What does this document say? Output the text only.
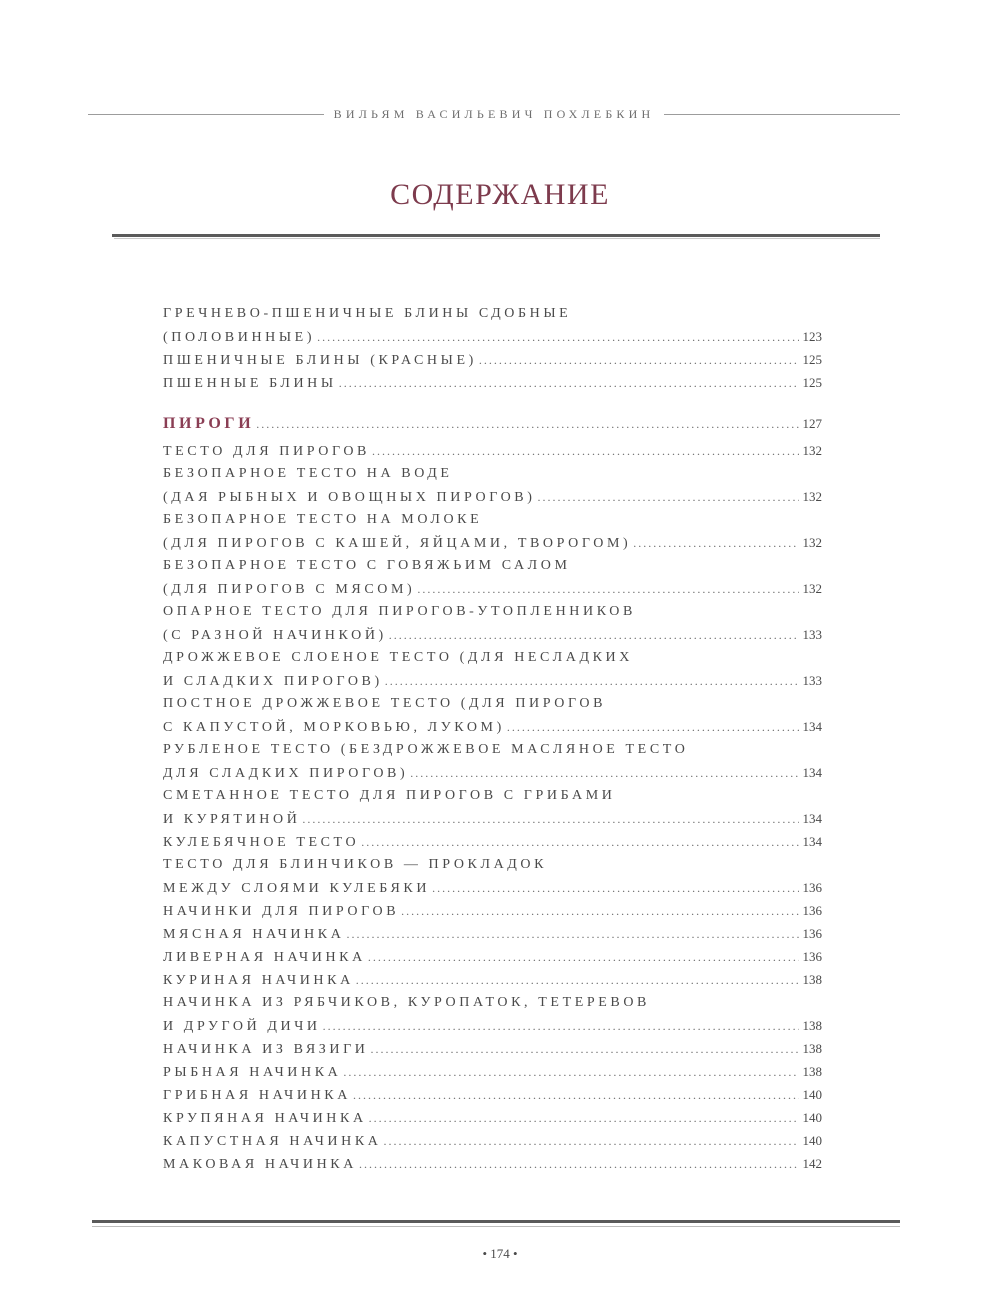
ВИЛЬЯМ ВАСИЛЬЕВИЧ ПОХЛЕБКИН
СОДЕРЖАНИЕ
ГРЕЧНЕВО-ПШЕНИЧНЫЕ БЛИНЫ СДОБНЫЕ
(ПОЛОВИННЫЕ) .....	123
ПШЕНИЧНЫЕ БЛИНЫ (КРАСНЫЕ) .....	125
ПШЕННЫЕ БЛИНЫ .....	125
ПИРОГИ .....	127
ТЕСТО ДЛЯ ПИРОГОВ .....	132
БЕЗОПАРНОЕ ТЕСТО НА ВОДЕ
(ДАЯ РЫБНЫХ И ОВОЩНЫХ ПИРОГОВ) .....	132
БЕЗОПАРНОЕ ТЕСТО НА МОЛОКЕ
(ДЛЯ ПИРОГОВ С КАШЕЙ, ЯЙЦАМИ, ТВОРОГОМ) .....	132
БЕЗОПАРНОЕ ТЕСТО С ГОВЯЖЬИМ САЛОМ
(ДЛЯ ПИРОГОВ С МЯСОМ) .....	132
ОПАРНОЕ ТЕСТО ДЛЯ ПИРОГОВ-УТОПЛЕННИКОВ
(С РАЗНОЙ НАЧИНКОЙ) .....	133
ДРОЖЖЕВОЕ СЛОЕНОЕ ТЕСТО (ДЛЯ НЕСЛАДКИХ
И СЛАДКИХ ПИРОГОВ) .....	133
ПОСТНОЕ ДРОЖЖЕВОЕ ТЕСТО (ДЛЯ ПИРОГОВ
С КАПУСТОЙ, МОРКОВЬЮ, ЛУКОМ) .....	134
РУБЛЕНОЕ ТЕСТО (БЕЗДРОЖЖЕВОЕ МАСЛЯНОЕ ТЕСТО
ДЛЯ СЛАДКИХ ПИРОГОВ) .....	134
СМЕТАННОЕ ТЕСТО ДЛЯ ПИРОГОВ С ГРИБАМИ
И КУРЯТИНОЙ .....	134
КУЛЕБЯЧНОЕ ТЕСТО .....	134
ТЕСТО ДЛЯ БЛИНЧИКОВ — ПРОКЛАДОК
МЕЖДУ СЛОЯМИ КУЛЕБЯКИ .....	136
НАЧИНКИ ДЛЯ ПИРОГОВ .....	136
МЯСНАЯ НАЧИНКА .....	136
ЛИВЕРНАЯ НАЧИНКА .....	136
КУРИНАЯ НАЧИНКА .....	138
НАЧИНКА ИЗ РЯБЧИКОВ, КУРОПАТОК, ТЕТЕРЕВОВ
И ДРУГОЙ ДИЧИ .....	138
НАЧИНКА ИЗ ВЯЗИГИ .....	138
РЫБНАЯ НАЧИНКА .....	138
ГРИБНАЯ НАЧИНКА .....	140
КРУПЯНАЯ НАЧИНКА .....	140
КАПУСТНАЯ НАЧИНКА .....	140
МАКОВАЯ НАЧИНКА .....	142
• 174 •
